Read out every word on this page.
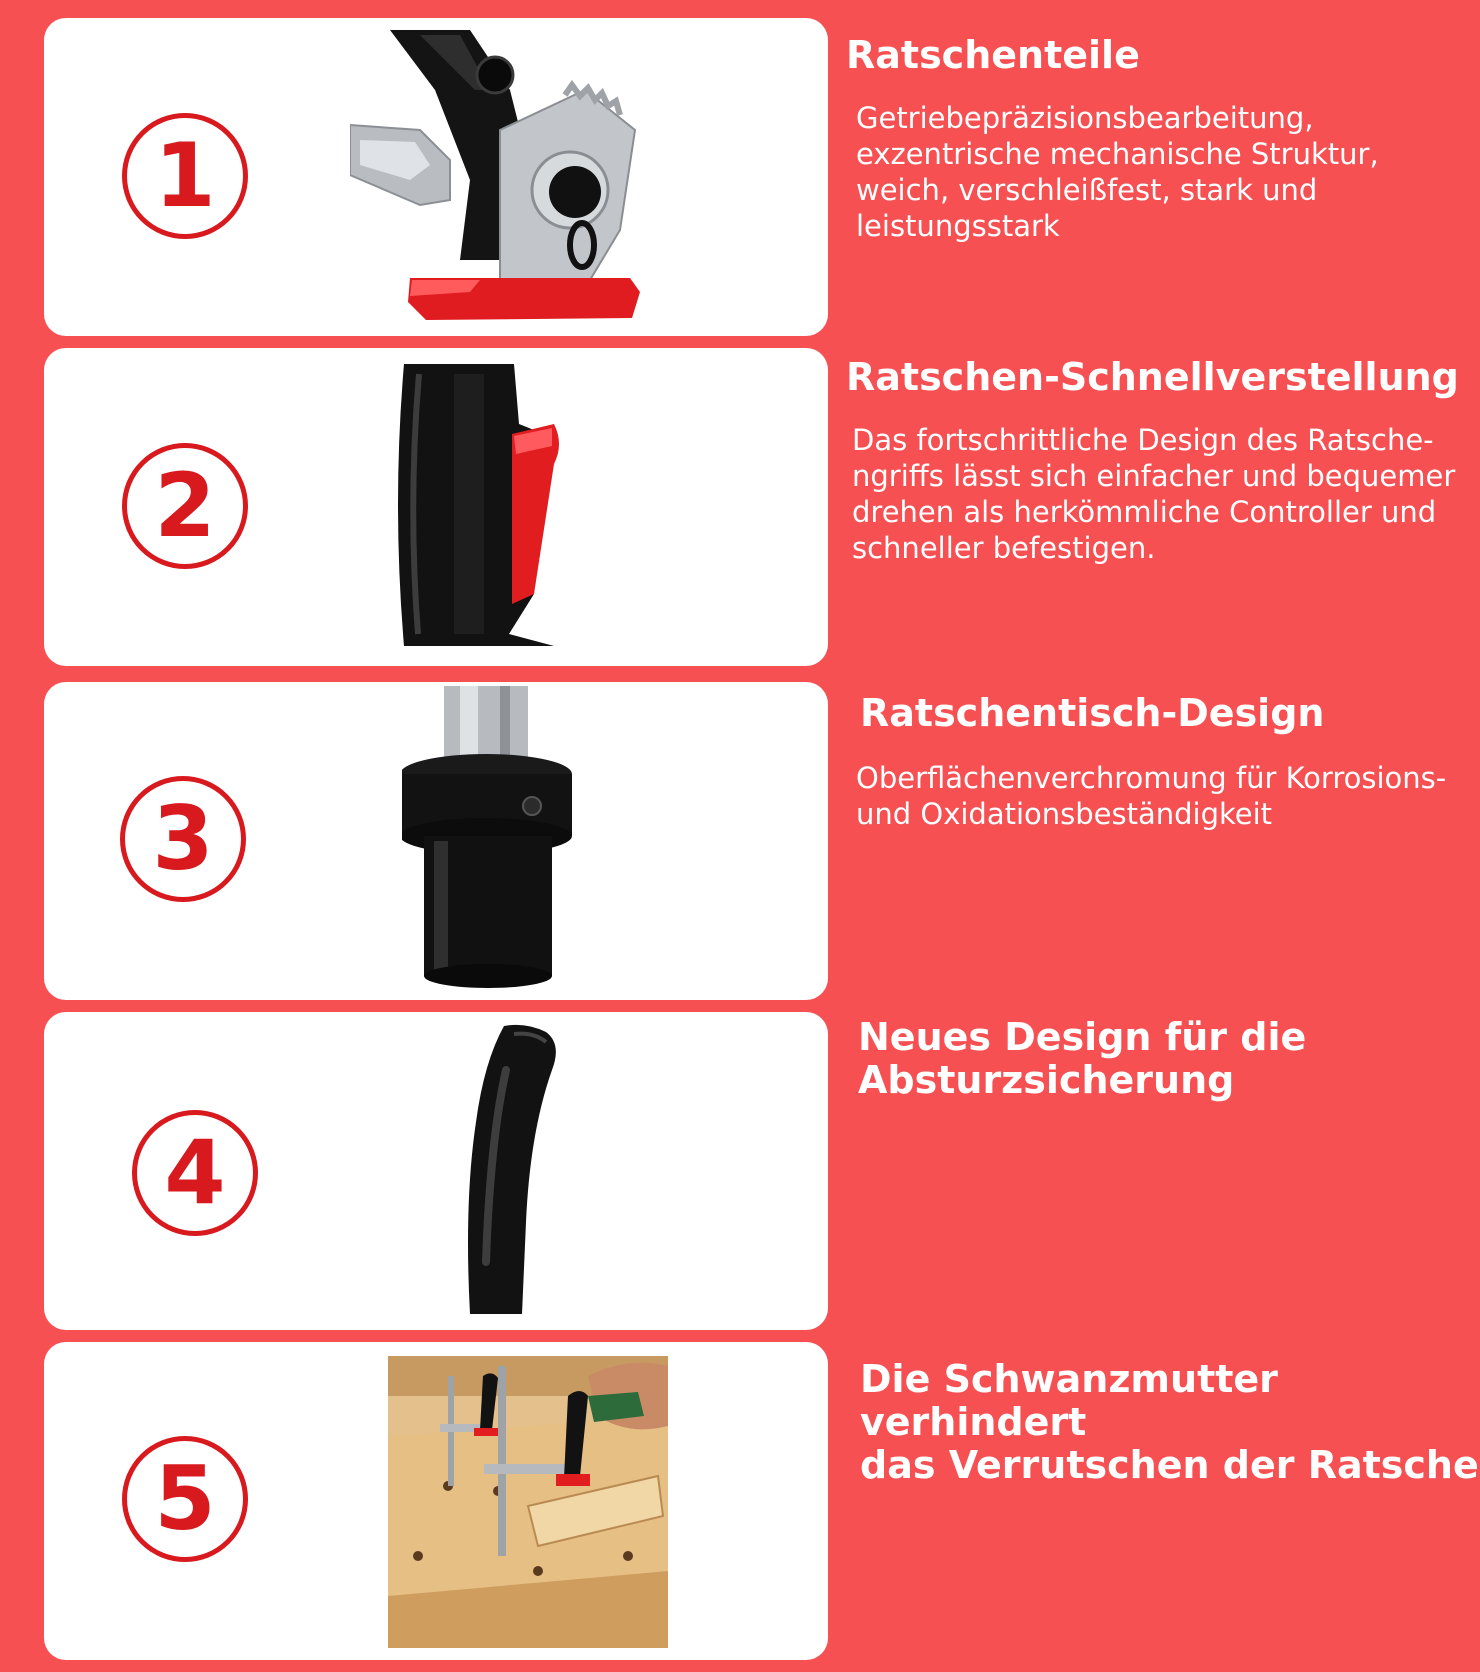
1
Ratschenteile

Getriebepräzisionsbearbeitung,
exzentrische mechanische Struktur,
weich, verschleißfest, stark und
leistungsstark

2
Ratschen-Schnellverstellung

Das fortschrittliche Design des Ratsche-
ngriffs lässt sich einfacher und bequemer
drehen als herkömmliche Controller und
schneller befestigen.

3
Ratschentisch-Design

Oberflächenverchromung für Korrosions-
und Oxidationsbeständigkeit

4
Neues Design für die
Absturzsicherung
5
Die Schwanzmutter verhindert
das Verrutschen der Ratsche
